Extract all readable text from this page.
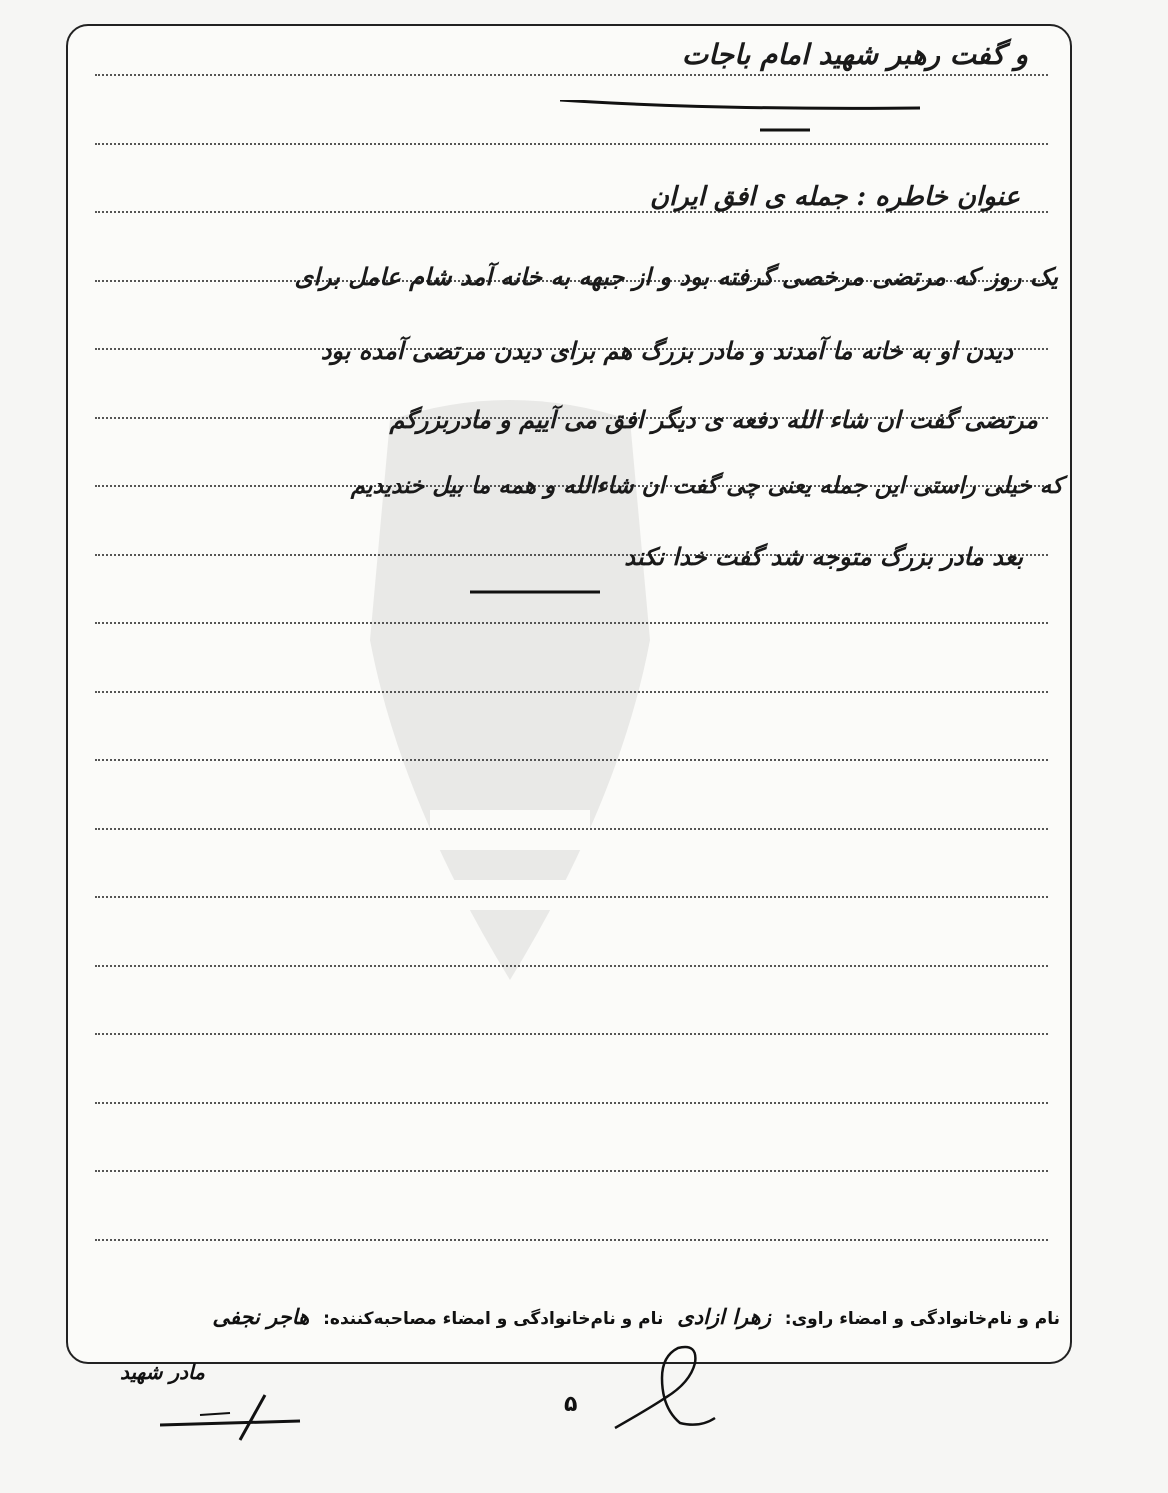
و گفت رهبر شهید امام باجات
عنوان خاطره : جمله ی افق ایران
یک روز که مرتضی مرخصی گرفته بود و از جبهه به خانه آمد شام عامل برای
دیدن او به خانه ما آمدند و مادر بزرگ هم برای دیدن مرتضی آمده بود
مرتضی گفت ان شاء الله دفعه ی دیگر افق می آییم و مادربزرگم
که خیلی راستی این جمله یعنی چی گفت ان شاءالله و همه ما بیل خندیدیم
بعد مادر بزرگ متوجه شد گفت خدا نکند
نام و نام‌خانوادگی و امضاء راوی: زهرا ازادی نام و نام‌خانوادگی و امضاء مصاحبه‌کننده: هاجر نجفی
مادر شهید
۵
